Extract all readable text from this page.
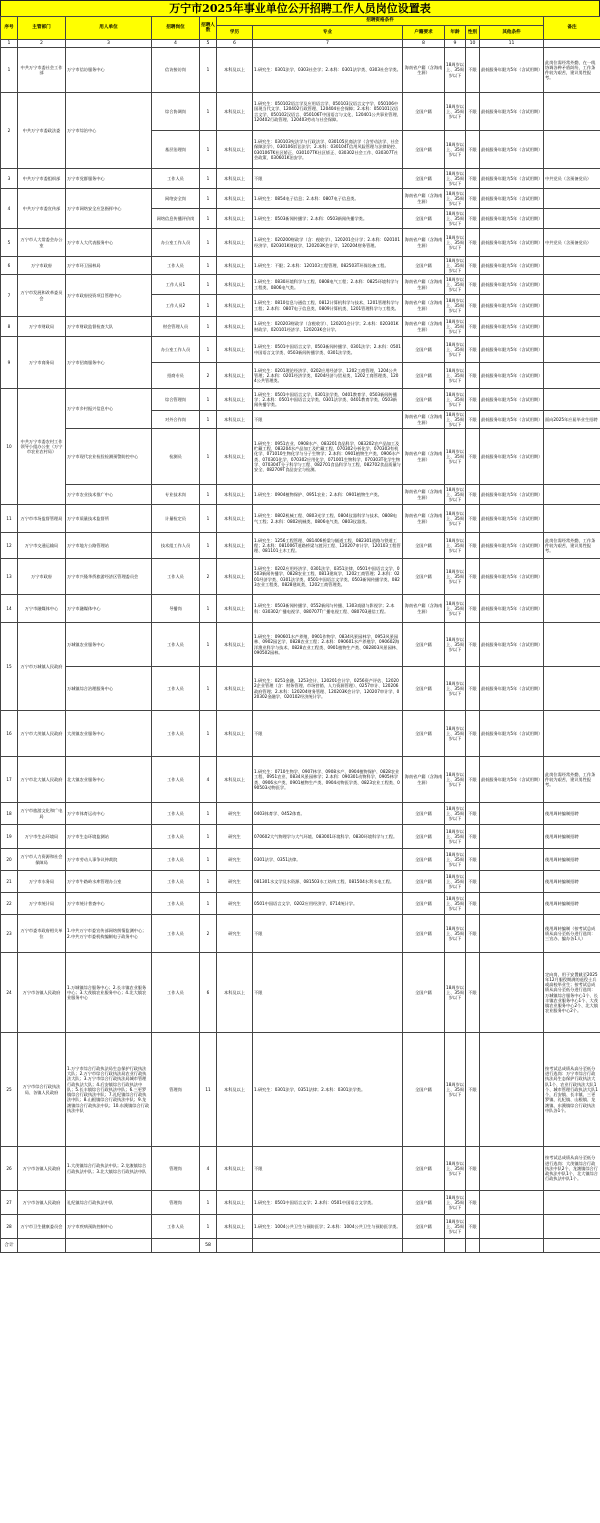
万宁市2025年事业单位公开招聘工作人员岗位设置表
序号	主管部门	用人单位	招聘岗位	招聘人数	招聘资格条件						备注
					学历	专业	户籍要求	年龄	性别	其他条件	
1	2	3	4	5	6	7	8	9	10	11	
1	中共万宁市委社会工作部	万宁市信访服务中心	信访接访岗	1	本科及以上	1.研究生：0301法学、0303社会学；2.本科：0301法学类、0303社会学类。	海南省户籍（含海南生源）	18周岁以上、35周岁以下	不限	最低服务年限为5年（含试用期）	此岗位需经常外勤，在一线协调各种矛盾纠纷，工作条件较为艰苦，建议男性报考。
2	中共万宁市委政法委	万宁市综治中心	综合协调岗	1	本科及以上	1.研究生：050102语言学及应用语言学、050103汉语言文字学、050106中国现当代文学、120402行政管理、120404社会保障；2.本科：050101汉语言文学、050102汉语言、050106T中国语言与文化、120401公共事业管理、120402行政管理、120403劳动与社会保障。	全国户籍	18周岁以上、35周岁以下	不限	最低服务年限为5年（含试用期）	
			基层治理岗	1	本科及以上	1.研究生：030103宪法学与行政法学、030105民商法学（含劳动法学、社会保障法学）、030106诉讼法学；2.本科：030104T信用风险管理与法律防控、030106TK社区矫正、030107TK社区矫正、030302社会工作、030307T社会政策、030601K治安学。	全国户籍	18周岁以上、35周岁以下	不限	最低服务年限为5年（含试用期）	
3	中共万宁市委组织部	万宁市党群服务中心	工作人员	1	本科及以上	不限	全国户籍	18周岁以上、35周岁以下	不限	最低服务年限为5年（含试用期）	中共党员（含预备党员）
4	中共万宁市委宣传部	万宁市网络安全应急指挥中心	网络安全岗	1	本科及以上	1.研究生：0854电子信息；2.本科：0807电子信息类。	海南省户籍（含海南生源）	18周岁以上、35周岁以下	不限	最低服务年限为5年（含试用期）	
			网络信息传播评价岗	1	本科及以上	1.研究生：0503新闻传播学；2.本科：0503新闻传播学类。	全国户籍	18周岁以上、35周岁以下	不限	最低服务年限为5年（含试用期）	
5	万宁市人大常委会办公室	万宁市人大代表服务中心	办公室工作人员	1	本科及以上	1.研究生：020200财政学（含：税收学）、120201会计学；2.本科：020101经济学、020301K财政学、120203K会计学、120204财务管理。	海南省户籍（含海南生源）	18周岁以上、35周岁以下	不限	最低服务年限为5年（含试用期）	中共党员（含预备党员）
6	万宁市政府	万宁市环卫园林局	工作人员	1	本科及以上	1.研究生：不限；2.本科：120103工程管理、082503T环保设备工程。	全国户籍	18周岁以上、35周岁以下	不限	最低服务年限为5年（含试用期）	
7	万宁市发展和改革委员会	万宁市政府投资项目管理中心	工作人员1	1	本科及以上	1.研究生：0830环境科学与工程、0808电气工程；2.本科：0825环境科学与工程类、0806电气类。	海南省户籍（含海南生源）	18周岁以上、35周岁以下	不限	最低服务年限为5年（含试用期）	
			工作人员2	1	本科及以上	1.研究生：0810信息与通信工程、0812计算机科学与技术、1201管理科学与工程；2.本科：0807电子信息类、0809计算机类、1201管理科学与工程类。	海南省户籍（含海南生源）	18周岁以上、35周岁以下	不限	最低服务年限为5年（含试用期）	
8	万宁市财政局	万宁市财政监督检查大队	财会管理人员	1	本科及以上	1.研究生：020203财政学（含税收学）、120201会计学；2.本科：020301K财政学、020101经济学、120203K会计学。	海南省户籍（含海南生源）	18周岁以上、35周岁以下	不限	最低服务年限为5年（含试用期）	
9	万宁市商务局	万宁市招商服务中心	办公室工作人员	1	本科及以上	1.研究生：0501中国语言文学、0503新闻传播学、0301法学；2.本科：0501中国语言文学类、0503新闻传播学类、0301法学类。	全国户籍	18周岁以上、35周岁以下	不限	最低服务年限为5年（含试用期）	
			招商专员	2	本科及以上	1.研究生：0201理论经济学、0202应用经济学、1202工商管理、1204公共管理；2.本科：0201经济学类、0204经济与贸易类、1202工商管理类、1204公共管理类。	全国户籍	18周岁以上、35周岁以下	不限	最低服务年限为5年（含试用期）	
10	中共万宁市委农村工作领导小组办公室（万宁市农业农村局）	万宁市乡村振兴信息中心	综合管理岗	1	本科及以上	1.研究生：0501中国语言文学、0301法学类、0401教育学、0503新闻传播学；2.本科：0501中国语言文学类、0301法学类、0401教育学类、0503新闻传播学类。	全国户籍	18周岁以上、35周岁以下	不限	最低服务年限为5年（含试用期）	
			对外合作岗	1	本科及以上	不限	海南省户籍（含海南生源）	18周岁以上、35周岁以下	不限	最低服务年限为5年（含试用期）	面向2025年应届毕业生招聘
		万宁市现代农业检验检测预警防控中心	检测员	1	本科及以上	1.研究生：0951农业、0908水产、083201食品科学、083202农产品加工及贮藏工程、083204水产品加工及贮藏工程、070302分析化学、070303有机化学、071010生物化学与分子生物学；2.本科：0901植物生产类、0906水产类、070301化学、070302应用化学、071001生物科学、070303T化学生物学、070304T分子科学与工程、082701食品科学与工程、082702食品质量与安全、082709T食品安全与检测。	海南省户籍（含海南生源）	18周岁以上、35周岁以下	不限	最低服务年限为5年（含试用期）	
		万宁市农业技术推广中心	专业技术岗	1	本科及以上	1.研究生：0904植物保护、0951农业；2.本科：0901植物生产类。	海南省户籍（含海南生源）	18周岁以上、35周岁以下	不限	最低服务年限为5年（含试用期）	
11	万宁市市场监督管理局	万宁市质量技术监督所	计量检定员	1	本科及以上	1.研究生：0802机械工程、0803光学工程、0804仪器科学与技术、0808电气工程；2.本科：0802机械类、0806电气类、0803仪器类。	海南省户籍（含海南生源）	18周岁以上、35周岁以下	不限	最低服务年限为5年（含试用期）	
12	万宁市交通运输局	万宁市地方公路管理站	技术组工作人员	1	本科及以上	1.研究生：1256工程管理、081406桥梁与隧道工程、082301道路与铁道工程；2.本科：081006T道路桥梁与渡河工程、120207审计学、120103工程管理、081101土木工程。	全国户籍	18周岁以上、35周岁以下	不限	最低服务年限为5年（含试用期）	此岗位需经常外勤，工作条件较为艰苦，建议男性报考。
13	万宁市政府	万宁市兴隆华侨旅游经济区管理委员会	工作人员	2	本科及以上	1.研究生：0202应用经济学、0301法学、0351法律、0501中国语言文学、0503新闻传播学、0828农业工程、0813建筑学、1202工商管理；2.本科：0201经济学类、0301法学类、0501中国语言文学类、0503新闻传播学类、0823农业工程类、0828建筑类、1202工商管理类。	全国户籍	18周岁以上、35周岁以下	不限	最低服务年限为5年（含试用期）	
14	万宁市融媒体中心	万宁市融媒体中心	导播岗	1	本科及以上	1.研究生：0503新闻传播学、0552新闻与传播、1303戏剧与影视学；2.本科：030302广播电视学、080707T广播电视工程、080703通信工程。	海南省户籍（含海南生源）	18周岁以上、35周岁以下	不限	最低服务年限为5年（含试用期）	
15	万宁市万城镇人民政府	万城镇农业服务中心	工作人员	1	本科及以上	1.研究生：090601水产养殖、0901作物学、0834风景园林学、0953风景园林、0902园艺学、0828农业工程；2.本科：090601水产养殖学、090602海洋渔业科学与技术、0828农业工程类、0901植物生产类、082803风景园林、090502园林。	全国户籍	18周岁以上、35周岁以下	不限	最低服务年限为5年（含试用期）	
		万城镇综合治理服务中心	工作人员	1	本科及以上	1.研究生：0251金融、1253会计、120201会计学、0256资产评估、120202企业管理（含：财务管理、市场营销、人力资源管理）、0257审计、120206政府管理；2.本科：120204财务管理、120203K会计学、120207审计学、020302金融学、020102经济统计学。	全国户籍	18周岁以上、35周岁以下	不限	最低服务年限为5年（含试用期）	
16	万宁市大茂镇人民政府	大茂镇农业服务中心	工作人员	1	本科及以上	不限	全国户籍	18周岁以上、35周岁以下	不限	最低服务年限为5年（含试用期）	
17	万宁市北大镇人民政府	北大镇农业服务中心	工作人员	4	本科及以上	1.研究生：0710生物学、0907林学、0908水产、0904植物保护、0828农业工程、0951农业、0834风景园林学；2.本科：090301动物科学、0905林学类、0906水产类、0901植物生产类、0904动物医学类、0823农业工程类、090503动物医学。	海南省户籍（含海南生源）	18周岁以上、35周岁以下	不限	最低服务年限为5年（含试用期）	此岗位需经常外勤，工作条件较为艰苦，建议男性报考。
18	万宁市旅游文化和广电局	万宁市体育运动中心	工作人员	1	研究生	0403体育学、0452体育。	全国户籍	18周岁以上、35周岁以下	不限		使用周转编制招聘
19	万宁市生态环境局	万宁市生态环境监测站	工作人员	1	研究生	070602大气物理学与大气环境、083001环境科学、0830环境科学与工程。	全国户籍	18周岁以上、35周岁以下	不限		使用周转编制招聘
20	万宁市人力资源和社会保障局	万宁市劳动人事争议仲裁院	工作人员	1	研究生	0301法学、0351法律。	全国户籍	18周岁以上、35周岁以下	不限		使用周转编制招聘
21	万宁市水务局	万宁市牛路岭水库管理办公室	工作人员	1	研究生	081301水文学及水资源、081503水工结构工程、081504水利水电工程。	全国户籍	18周岁以上、35周岁以下	不限		使用周转编制招聘
22	万宁市统计局	万宁市统计普查中心	工作人员	1	研究生	0501中国语言文学、0202应用经济学、0714统计学。	全国户籍	18周岁以上、35周岁以下	不限		使用周转编制招聘
23	万宁市委市政府相关单位	1.中共万宁市委宣传部网络舆情监测中心；2.中共万宁市委机构编制电子政务中心	工作人员	2	研究生	不限	全国户籍	18周岁以上、35周岁以下	不限		使用周转编制（按考试总成绩从高分至低分进行选岗：三宣办、编办各1人）
24	万宁市各镇人民政府	1.万城镇综合服务中心；2.长丰镇农业服务中心；3.大茂镇农业服务中心；4.北大镇农业服务中心	工作人员	6	本科及以上	不限	全国户籍	18周岁以上、35周岁以下	不限		定向岗，用于安置截至2025年12月服役期满的退役士兵或高校毕业生；按考试总成绩从高分至低分进行选岗：万城镇综合服务中心1个、长丰镇农业服务中心1个、大茂镇农业服务中心2个、北大镇农业服务中心2个。
25	万宁市综合行政执法局、各镇人民政府	1.万宁市综合行政执法局生态保护行政执法大队；2.万宁市综合行政执法局农业行政执法大队；3.万宁市综合行政执法局城市管理行政执法大队；4.后安镇综合行政执法中队；5.长丰镇综合行政执法中队；6.三更罗镇综合行政执法中队；7.礼纪镇综合行政执法中队；8.山根镇综合行政执法中队；9.龙滚镇综合行政执法中队；10.东澳镇综合行政执法中队	管理岗	11	本科及以上	1.研究生：0301法学、0351法律；2.本科：0301法学类。	全国户籍	18周岁以上、35周岁以下	不限		按考试总成绩从高分至低分进行选岗：万宁市综合行政执法局生态保护行政执法大队1个、农业行政执法大队1个、城市管理行政执法大队1个，后安镇、长丰镇、三更罗镇、礼纪镇、山根镇、龙滚镇、东澳镇综合行政执法中队各1个。
26	万宁市各镇人民政府	1.大茂镇综合行政执法中队；2.龙滚镇综合行政执法中队；3.北大镇综合行政执法中队	管理岗	4	本科及以上	不限	全国户籍	18周岁以上、35周岁以下	不限		按考试总成绩从高分至低分进行选岗：大茂镇综合行政执法中队2个、龙滚镇综合行政执法中队1个、北大镇综合行政执法中队1个。
27	万宁市各镇人民政府	礼纪镇综合行政执法中队	管理岗	1	本科及以上	1.研究生：0501中国语言文学；2.本科：0501中国语言文学类。	全国户籍	18周岁以上、35周岁以下	不限		
28	万宁市卫生健康委员会	万宁市疾病预防控制中心	工作人员	1	本科及以上	1.研究生：1004公共卫生与预防医学；2.本科：1004公共卫生与预防医学类。	全国户籍	18周岁以上、35周岁以下	不限		
合计				58							
